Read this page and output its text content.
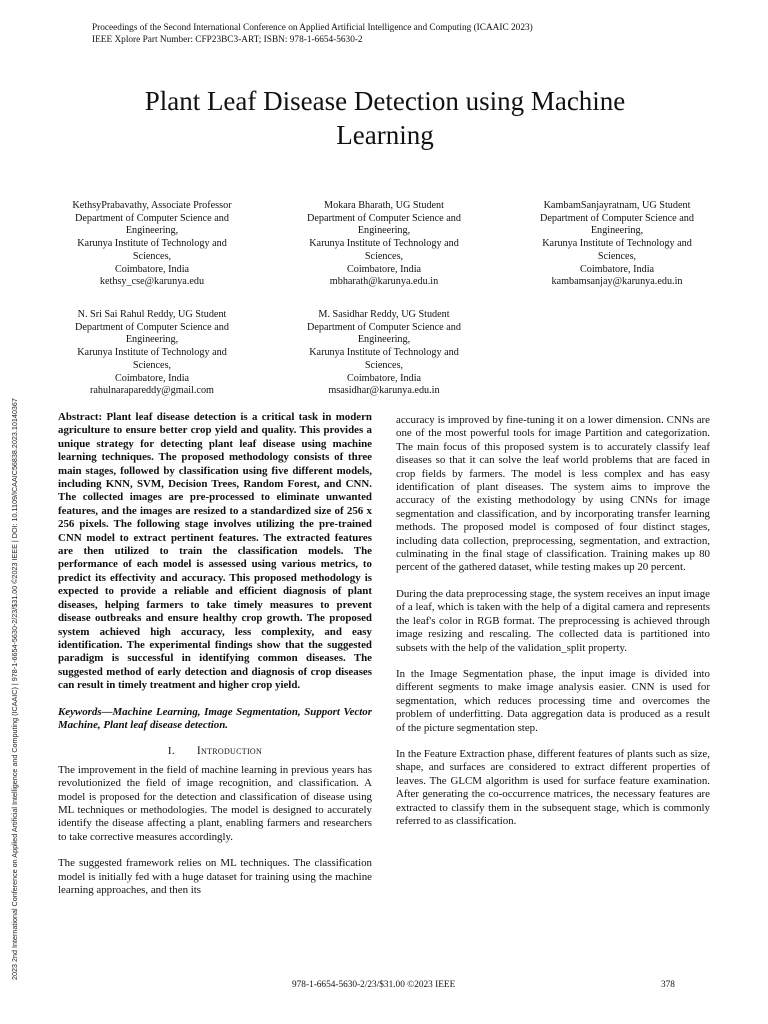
Proceedings of the Second International Conference on Applied Artificial Intelligence and Computing (ICAAIC 2023)
IEEE Xplore Part Number: CFP23BC3-ART; ISBN: 978-1-6654-5630-2
Plant Leaf Disease Detection using Machine
Learning
KethsyPrabavathy, Associate Professor
Department of Computer Science and
Engineering,
Karunya Institute of Technology and
Sciences,
Coimbatore, India
kethsy_cse@karunya.edu
Mokara Bharath, UG Student
Department of Computer Science and
Engineering,
Karunya Institute of Technology and
Sciences,
Coimbatore, India
mbharath@karunya.edu.in
KambamSanjayratnam, UG Student
Department of Computer Science and
Engineering,
Karunya Institute of Technology and
Sciences,
Coimbatore, India
kambamsanjay@karunya.edu.in
N. Sri Sai Rahul Reddy, UG Student
Department of Computer Science and
Engineering,
Karunya Institute of Technology and
Sciences,
Coimbatore, India
rahulnarapareddy@gmail.com
M. Sasidhar Reddy, UG Student
Department of Computer Science and
Engineering,
Karunya Institute of Technology and
Sciences,
Coimbatore, India
msasidhar@karunya.edu.in
2023 2nd International Conference on Applied Artificial Intelligence and Computing (ICAAIC) | 978-1-6654-5630-2/23/$31.00 ©2023 IEEE | DOI: 10.1109/ICAAIC56838.2023.10140367	Abstract: Plant leaf disease detection is a critical task in modern agriculture to ensure better crop yield and quality. This provides a unique strategy for detecting plant leaf disease using machine learning techniques. The proposed methodology consists of three main stages, followed by classification using five different models, including KNN, SVM, Decision Trees, Random Forest, and CNN. The collected images are pre-processed to eliminate unwanted features, and the images are resized to a standardized size of 256 x 256 pixels. The following stage involves utilizing the pre-trained CNN model to extract pertinent features. The extracted features are then utilized to train the classification models. The performance of each model is assessed using various metrics, to predict its effectivity and accuracy. This proposed methodology is expected to provide a reliable and efficient diagnosis of plant diseases, helping farmers to take timely measures to prevent disease outbreaks and ensure healthy crop growth. The proposed system achieved high accuracy, less complexity, and easy identification. The experimental findings show that the suggested paradigm is successful in identifying common diseases. The suggested method of early detection and diagnosis of crop diseases can result in timely treatment and higher crop yield.

Keywords—Machine Learning, Image Segmentation, Support Vector Machine, Plant leaf disease detection.

I. Introduction

The improvement in the field of machine learning in previous years has revolutionized the field of image recognition, and classification. A model is proposed for the detection and classification of disease using ML techniques or methodologies. The model is designed to accurately identify the disease affecting a plant, enabling farmers and researchers to take corrective measures accordingly.

The suggested framework relies on ML techniques. The classification model is initially fed with a huge dataset for training using the machine learning approaches, and then its

accuracy is improved by fine-tuning it on a lower dimension. CNNs are one of the most powerful tools for image Partition and categorization. The main focus of this proposed system is to accurately classify leaf diseases so that it can solve the leaf world problems that are faced in crop fields by farmers. The model is less complex and has easy identification of plant diseases. The system aims to improve the accuracy of the existing methodology by using CNNs for image segmentation and classification, and by incorporating transfer learning methods. The proposed model is composed of four distinct stages, including data collection, preprocessing, segmentation, and extraction, culminating in the final stage of classification. Training makes up 80 percent of the gathered dataset, while testing makes up 20 percent.

During the data preprocessing stage, the system receives an input image of a leaf, which is taken with the help of a digital camera and represents the leaf's color in RGB format. The preprocessing is achieved through image resizing and rescaling. The collected data is partitioned into subsets with the help of the validation_split property.

In the Image Segmentation phase, the input image is divided into different segments to make image analysis easier. CNN is used for segmentation, which reduces processing time and overcomes the problem of underfitting. Data aggregation data is produced as a result of the picture segmentation step.

In the Feature Extraction phase, different features of plants such as size, shape, and surfaces are considered to extract different properties of leaves. The GLCM algorithm is used for surface feature examination. After generating the co-occurrence matrices, the necessary features are extracted to classify them in the subsequent stage, which is commonly referred to as classification.

978-1-6654-5630-2/23/$31.00 ©2023 IEEE	378
